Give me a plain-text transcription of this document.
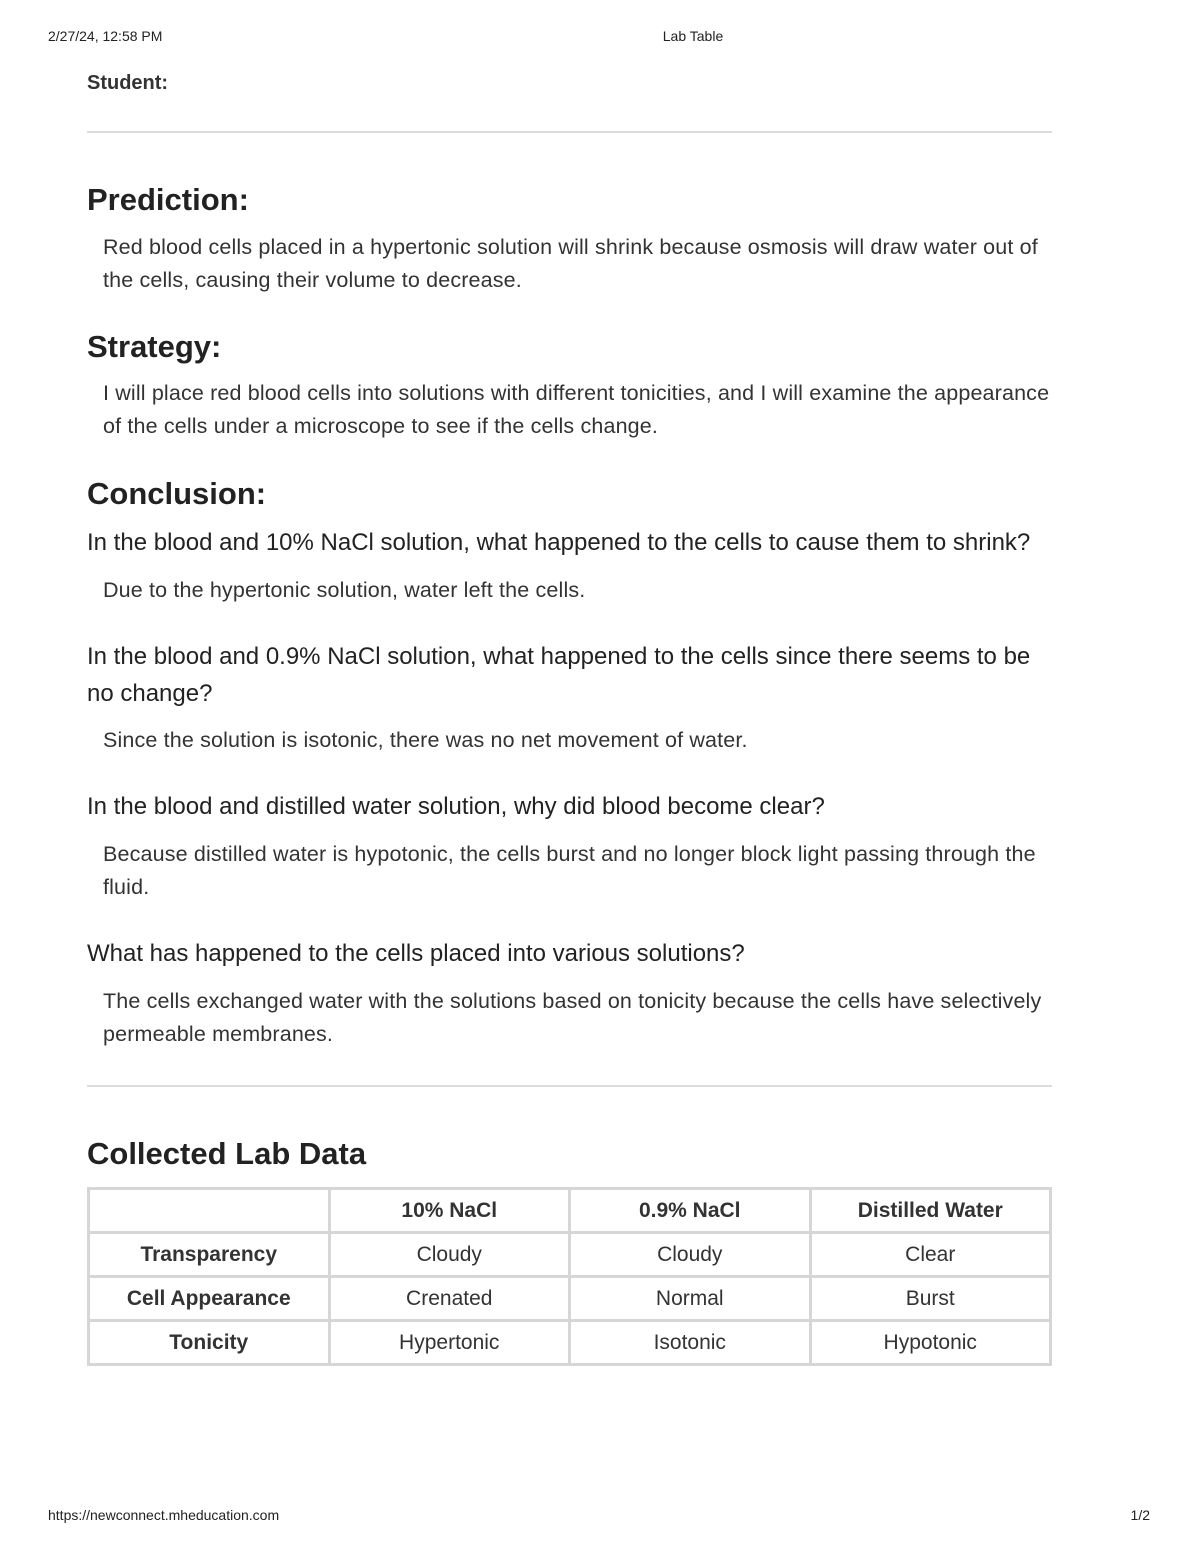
2/27/24, 12:58 PM	Lab Table
Student:
Prediction:

Red blood cells placed in a hypertonic solution will shrink because osmosis will draw water out of the cells, causing their volume to decrease.

Strategy:

I will place red blood cells into solutions with different tonicities, and I will examine the appearance of the cells under a microscope to see if the cells change.

Conclusion:

In the blood and 10% NaCl solution, what happened to the cells to cause them to shrink?

Due to the hypertonic solution, water left the cells.

In the blood and 0.9% NaCl solution, what happened to the cells since there seems to be no change?

Since the solution is isotonic, there was no net movement of water.

In the blood and distilled water solution, why did blood become clear?

Because distilled water is hypotonic, the cells burst and no longer block light passing through the fluid.

What has happened to the cells placed into various solutions?

The cells exchanged water with the solutions based on tonicity because the cells have selectively permeable membranes.

Collected Lab Data
	10% NaCl	0.9% NaCl	Distilled Water
Transparency	Cloudy	Cloudy	Clear
Cell Appearance	Crenated	Normal	Burst
Tonicity	Hypertonic	Isotonic	Hypotonic
https://newconnect.mheducation.com	1/2
